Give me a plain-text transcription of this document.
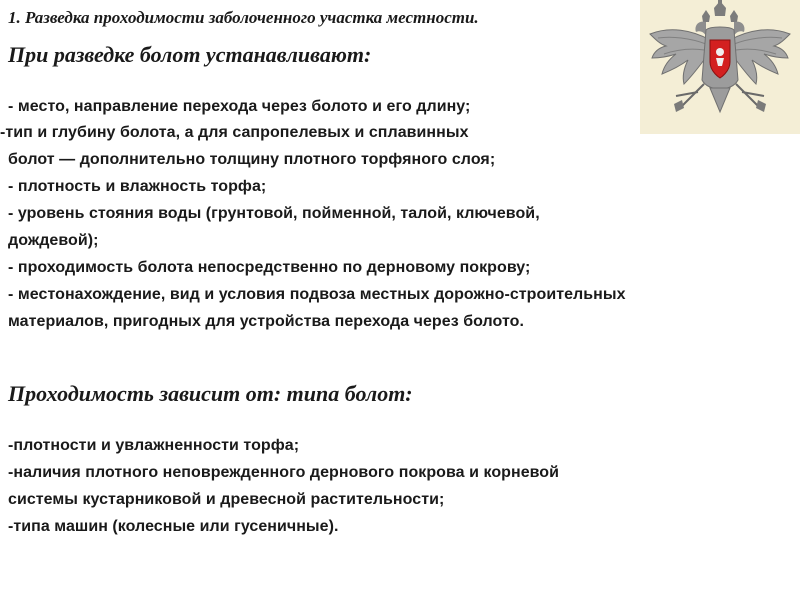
1. Разведка проходимости заболоченного участка местности.
При разведке болот устанавливают:
- место, направление перехода через болото и его длину;
-тип и глубину болота, а для сапропелевых и сплавинных
болот — дополнительно толщину плотного торфяного слоя;
- плотность и влажность торфа;
- уровень стояния воды (грунтовой, пойменной, талой, ключевой,
дождевой);
- проходимость болота непосредственно по дерновому покрову;
- местонахождение, вид и условия подвоза местных дорожно-строительных
материалов, пригодных для устройства перехода через болото.
Проходимость зависит от: типа болот:
-плотности и увлажненности торфа;
-наличия плотного неповрежденного дернового покрова и корневой
системы кустарниковой и древесной растительности;
-типа машин (колесные или гусеничные).
